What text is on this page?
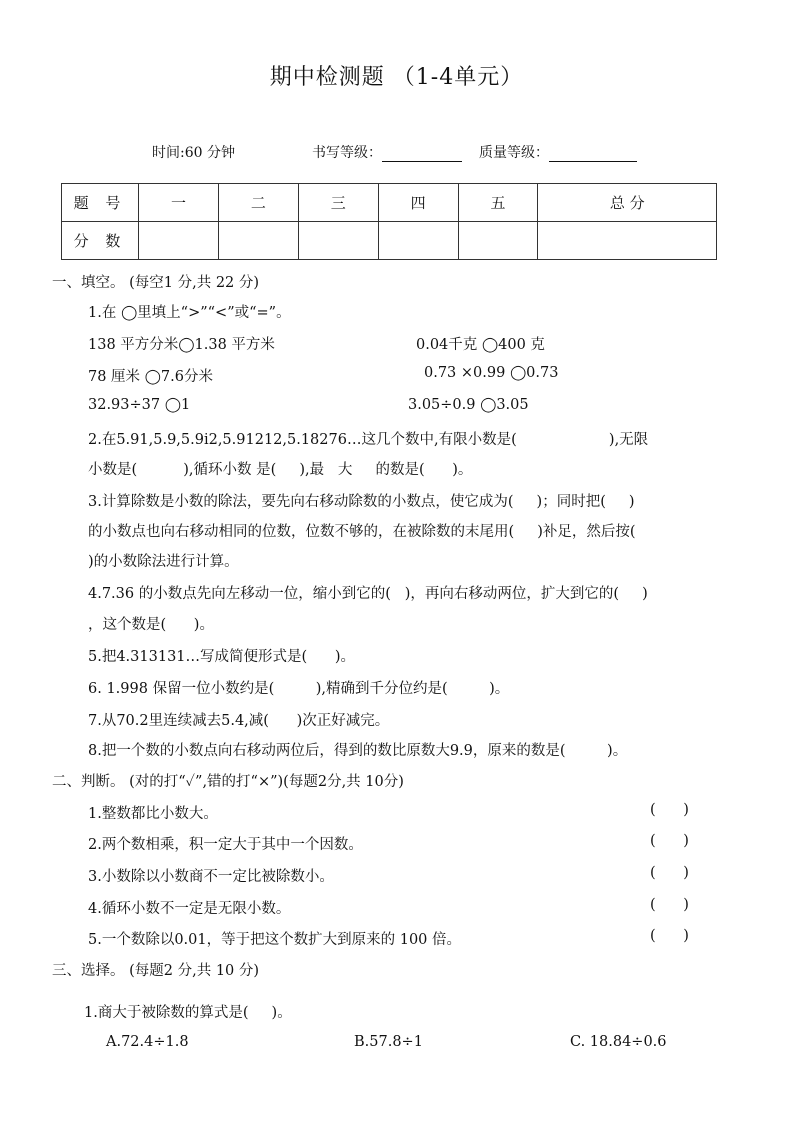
期中检测题 （1-4单元）
时间:60 分钟	书写等级：	质量等级：
题 号	一	二	三	四	五	总 分
分 数						
一、填空。 (每空1 分,共 22 分)
1.在 ◯里填上“>”“<”或“=”。
138 平方分米◯1.38 平方米	0.04千克 ◯400 克
78 厘米 ◯7.6分米	0.73 ×0.99 ◯0.73
32.93÷37 ◯1	3.05÷0.9 ◯3.05
2.在5.91,5.9,5.9i2,5.91212,5.18276…这几个数中,有限小数是(                    ),无限
小数是(          ),循环小数 是(     ),最   大     的数是(      )。
3.计算除数是小数的除法，要先向右移动除数的小数点，使它成为(     )；同时把(     )
的小数点也向右移动相同的位数，位数不够的，在被除数的末尾用(     )补足，然后按(
)的小数除法进行计算。
4.7.36 的小数点先向左移动一位，缩小到它的(   )，再向右移动两位，扩大到它的(     )
，这个数是(      )。
5.把4.313131…写成简便形式是(      )。
6. 1.998 保留一位小数约是(         ),精确到千分位约是(         )。
7.从70.2里连续减去5.4,减(      )次正好减完。
8.把一个数的小数点向右移动两位后，得到的数比原数大9.9，原来的数是(         )。
二、判断。 (对的打“✓”,错的打“×”)(每题2分,共 10分)
1.整数都比小数大。	(      )
2.两个数相乘，积一定大于其中一个因数。	(      )
3.小数除以小数商不一定比被除数小。	(      )
4.循环小数不一定是无限小数。	(      )
5.一个数除以0.01，等于把这个数扩大到原来的 100 倍。	(      )
三、选择。 (每题2 分,共 10 分)
1.商大于被除数的算式是(     )。
A.72.4÷1.8	B.57.8÷1	C. 18.84÷0.6
